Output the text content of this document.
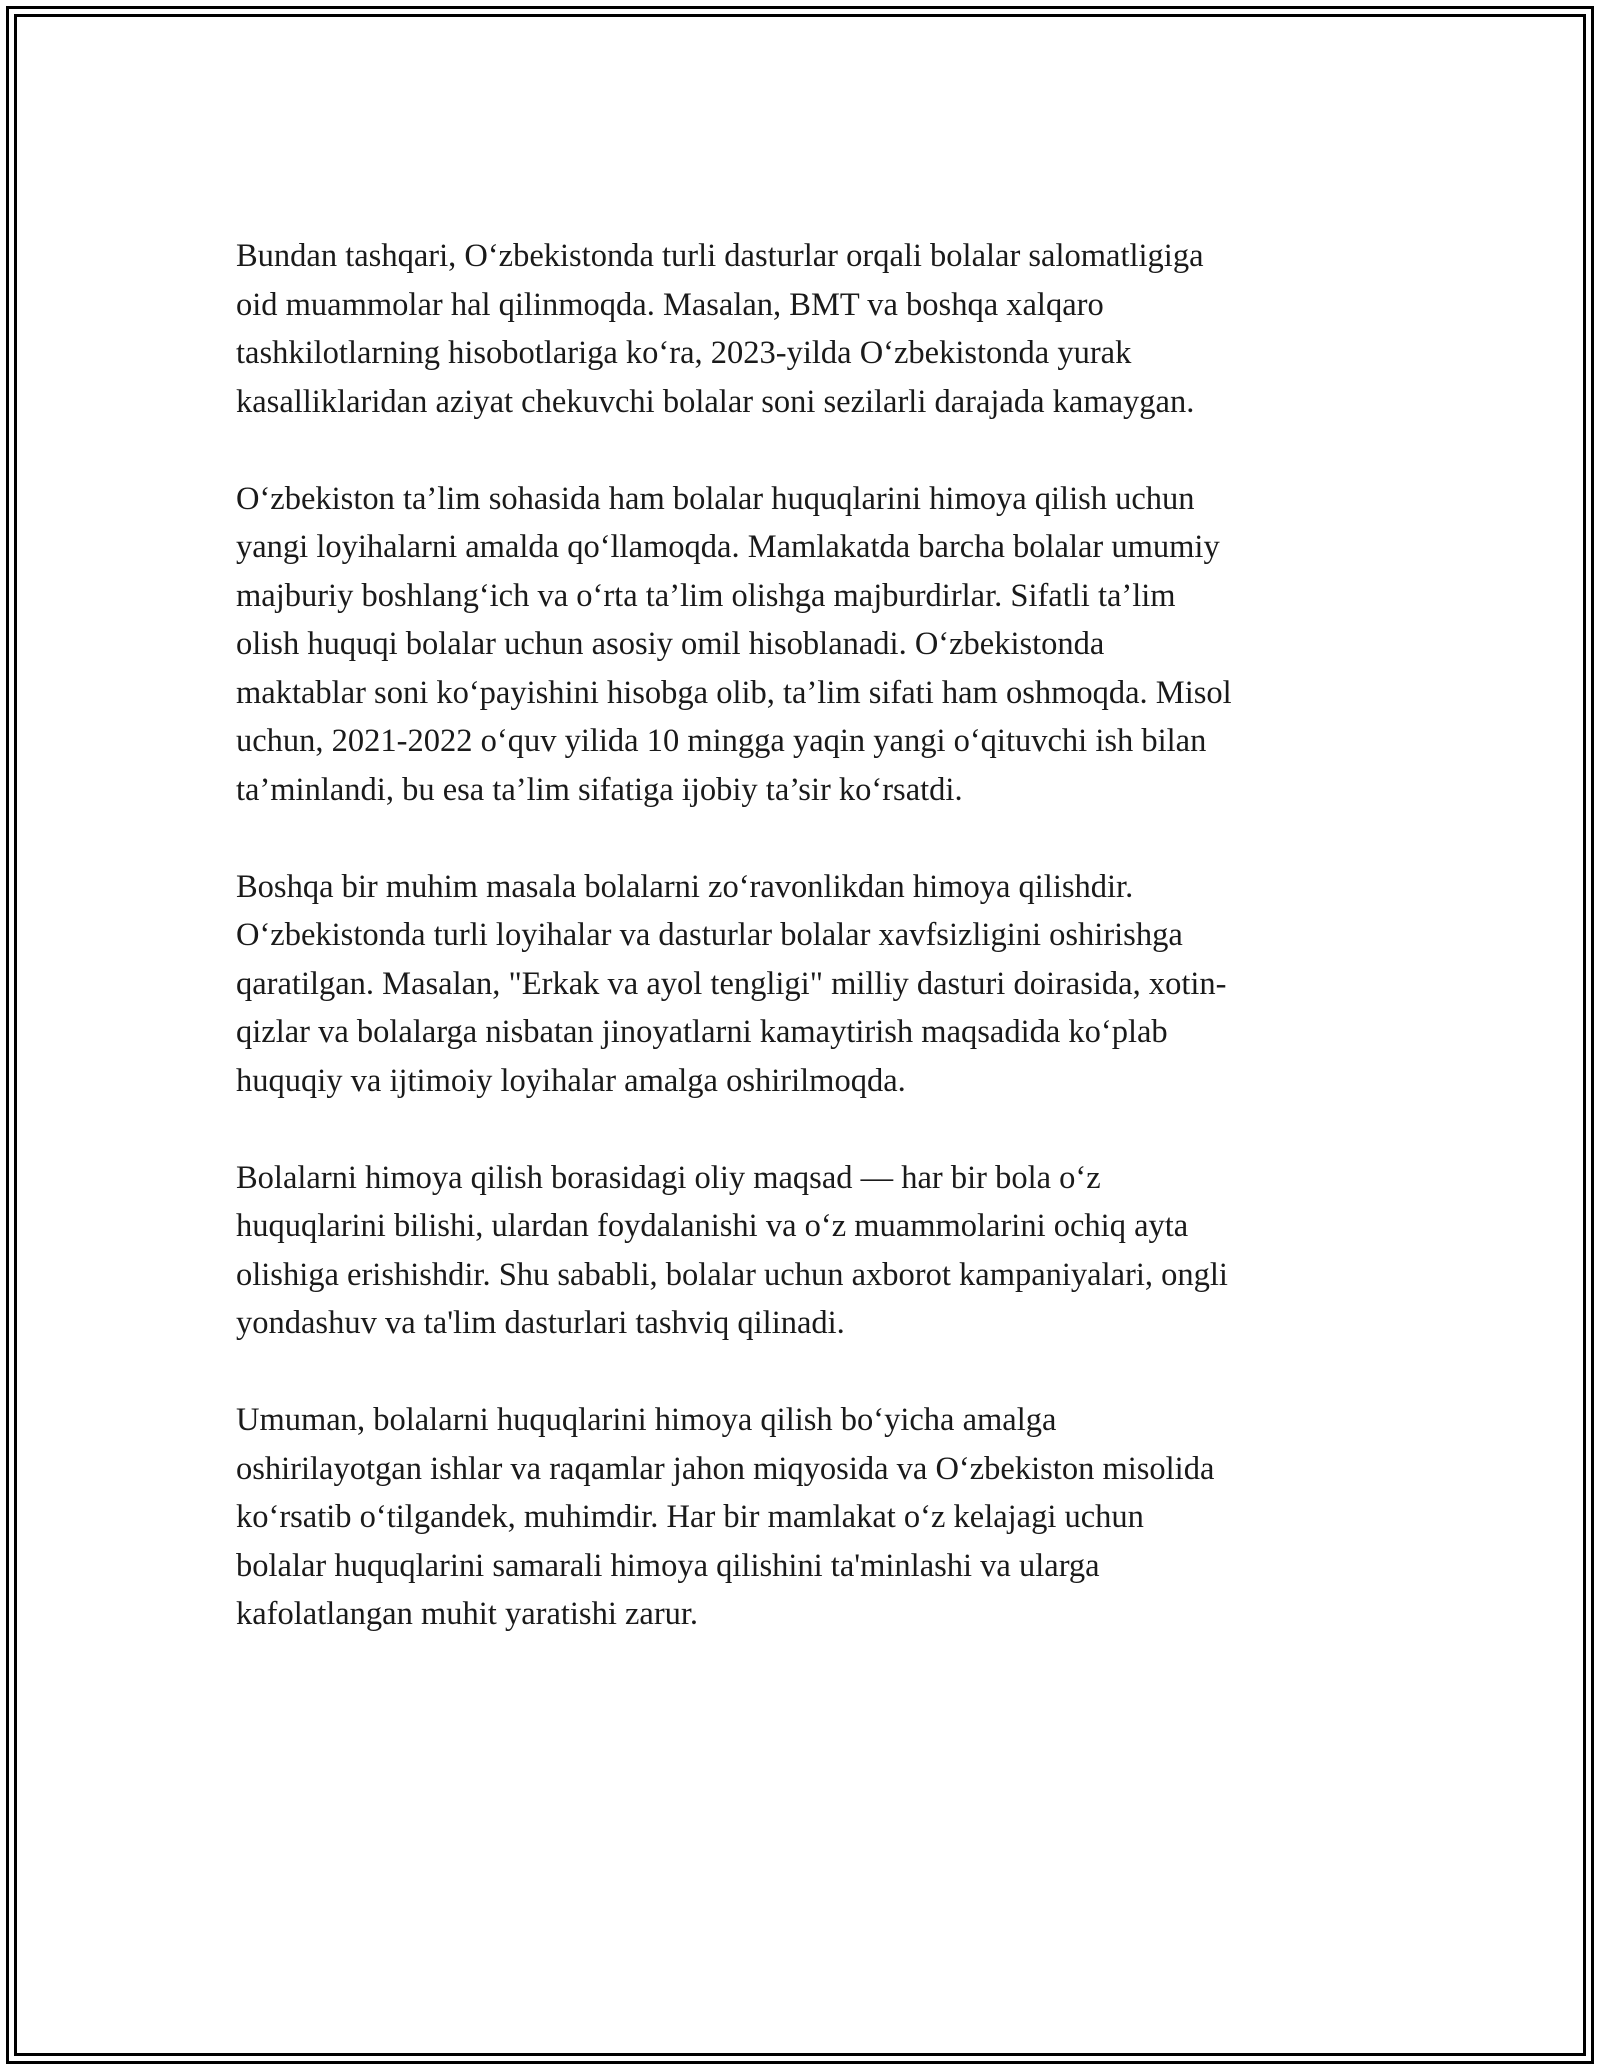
Bundan tashqari, O‘zbekistonda turli dasturlar orqali bolalar salomatligiga
oid muammolar hal qilinmoqda. Masalan, BMT va boshqa xalqaro
tashkilotlarning hisobotlariga ko‘ra, 2023-yilda O‘zbekistonda yurak
kasalliklaridan aziyat chekuvchi bolalar soni sezilarli darajada kamaygan.

O‘zbekiston ta’lim sohasida ham bolalar huquqlarini himoya qilish uchun
yangi loyihalarni amalda qo‘llamoqda. Mamlakatda barcha bolalar umumiy
majburiy boshlang‘ich va o‘rta ta’lim olishga majburdirlar. Sifatli ta’lim
olish huquqi bolalar uchun asosiy omil hisoblanadi. O‘zbekistonda
maktablar soni ko‘payishini hisobga olib, ta’lim sifati ham oshmoqda. Misol
uchun, 2021-2022 o‘quv yilida 10 mingga yaqin yangi o‘qituvchi ish bilan
ta’minlandi, bu esa ta’lim sifatiga ijobiy ta’sir ko‘rsatdi.

Boshqa bir muhim masala bolalarni zo‘ravonlikdan himoya qilishdir.
O‘zbekistonda turli loyihalar va dasturlar bolalar xavfsizligini oshirishga
qaratilgan. Masalan, "Erkak va ayol tengligi" milliy dasturi doirasida, xotin-
qizlar va bolalarga nisbatan jinoyatlarni kamaytirish maqsadida ko‘plab
huquqiy va ijtimoiy loyihalar amalga oshirilmoqda.

Bolalarni himoya qilish borasidagi oliy maqsad — har bir bola o‘z
huquqlarini bilishi, ulardan foydalanishi va o‘z muammolarini ochiq ayta
olishiga erishishdir. Shu sababli, bolalar uchun axborot kampaniyalari, ongli
yondashuv va ta'lim dasturlari tashviq qilinadi.

Umuman, bolalarni huquqlarini himoya qilish bo‘yicha amalga
oshirilayotgan ishlar va raqamlar jahon miqyosida va O‘zbekiston misolida
ko‘rsatib o‘tilgandek, muhimdir. Har bir mamlakat o‘z kelajagi uchun
bolalar huquqlarini samarali himoya qilishini ta'minlashi va ularga
kafolatlangan muhit yaratishi zarur.
